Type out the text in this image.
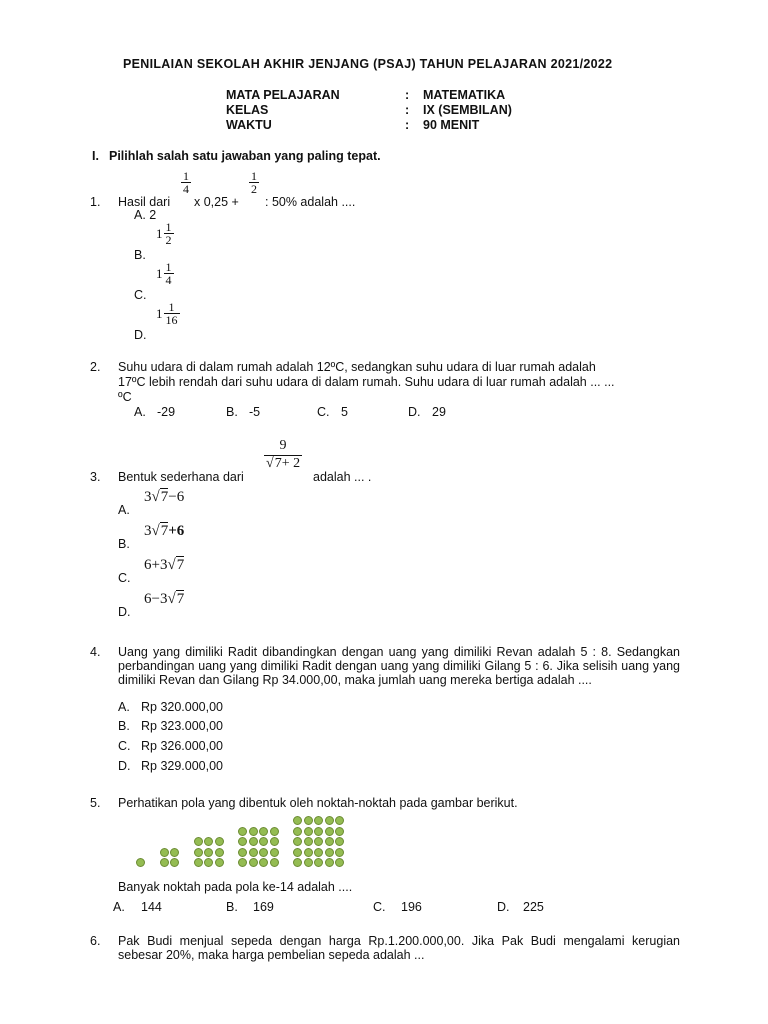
PENILAIAN SEKOLAH AKHIR JENJANG (PSAJ) TAHUN PELAJARAN 2021/2022
MATA PELAJARAN	: MATEMATIKA
KELAS	: IX (SEMBILAN)
WAKTU	: 90 MENIT
I. Pilihlah salah satu jawaban yang paling tepat.
1. Hasil dari
$\frac{1}{4}$
x 0,25 +
$\frac{1}{2}$
: 50% adalah ....
A. 2
B.
$1 \frac{1}{2}$
C.
$1 \frac{1}{4}$
D.
$1 \frac{1}{16}$
2. Suhu udara di dalam rumah adalah 12ºC, sedangkan suhu udara di luar rumah adalah
17ºC lebih rendah dari suhu udara di dalam rumah. Suhu udara di luar rumah adalah ... ...
ºC
A. -29	B. -5	C. 5	D. 29
3. Bentuk sederhana dari
$\frac{9}{√7+ 2}$
adalah ... .
A.
3√7−6
B.
3√7+6
C.
6+3√7
D.
6−3√7
4. Uang yang dimiliki Radit dibandingkan dengan uang yang dimiliki Revan adalah 5 : 8. Sedangkan perbandingan uang yang dimiliki Radit dengan uang yang dimiliki Gilang 5 : 6. Jika selisih uang yang dimiliki Revan dan Gilang Rp 34.000,00, maka jumlah uang mereka bertiga adalah ....
A. Rp 320.000,00
B. Rp 323.000,00
C. Rp 326.000,00
D. Rp 329.000,00
5. Perhatikan pola yang dibentuk oleh noktah-noktah pada gambar berikut.
Banyak noktah pada pola ke-14 adalah ....
A. 144	B. 169	C. 196	D. 225
6. Pak Budi menjual sepeda dengan harga Rp.1.200.000,00. Jika Pak Budi mengalami kerugian sebesar 20%, maka harga pembelian sepeda adalah ...
